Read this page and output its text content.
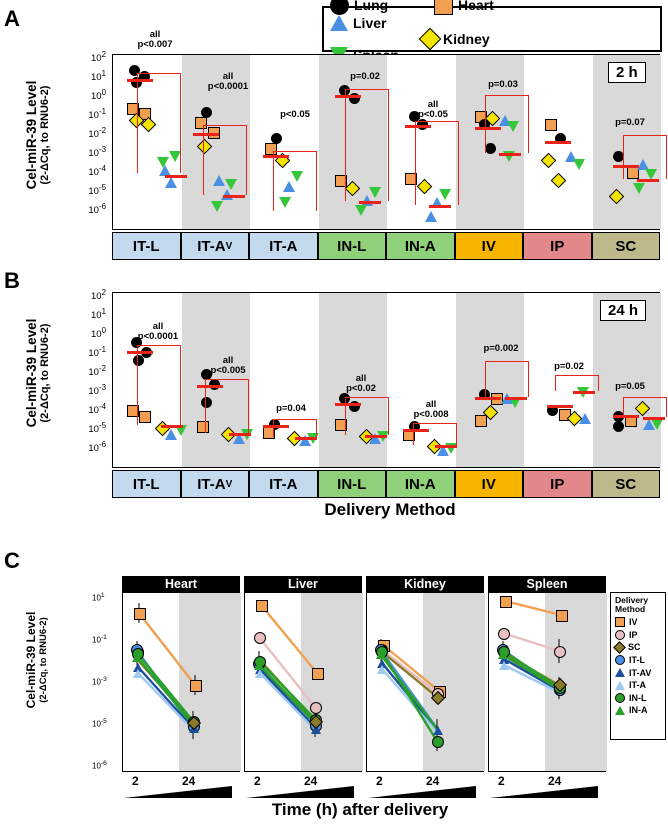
A
Lung	Heart
Liver
Kidney
Cel-miR-39 Level (2-ΔCq, to RNU6-2)
2 h
$10^2$
$10^1$
$10^0$
$10^{-1}$
$10^{-2}$
$10^{-3}$
$10^{-4}$
$10^{-5}$
$10^{-6}$
all
p<0.007
all
p<0.0001
p<0.05
p=0.02
all
p<0.05
p=0.03
p=0.07
IT-L	IT-A V IT-A	IN-L	IN-A	IV	IP	SC
B
Cel-miR-39 Level (2-ΔCq, to RNU6-2)
24 h
$10^2$
$10^1$
$10^0$
$10^{-1}$
$10^{-2}$
$10^{-3}$
$10^{-4}$
$10^{-5}$
$10^{-6}$
all
p<0.0001
all
p<0.005
p=0.04
all
p<0.02
all
p<0.008
p=0.002
p=0.02
p=0.05
IT-L	IT-A V IT-A	IN-L	IN-A	IV	IP	SC
Delivery Method
C
Cel-miR-39 Level (2-ΔCq, to RNU6-2)
Heart	Liver	Kidney	Spleen
$10^1$
$10^{-1}$
$10^{-3}$
$10^{-5}$
$10^{-6}$
2	24	2	24	2	24	2	24
Delivery
Method
IV
IP
SC
IT-L
IT-AV
IT-A
IN-L
IN-A
Time (h) after delivery
